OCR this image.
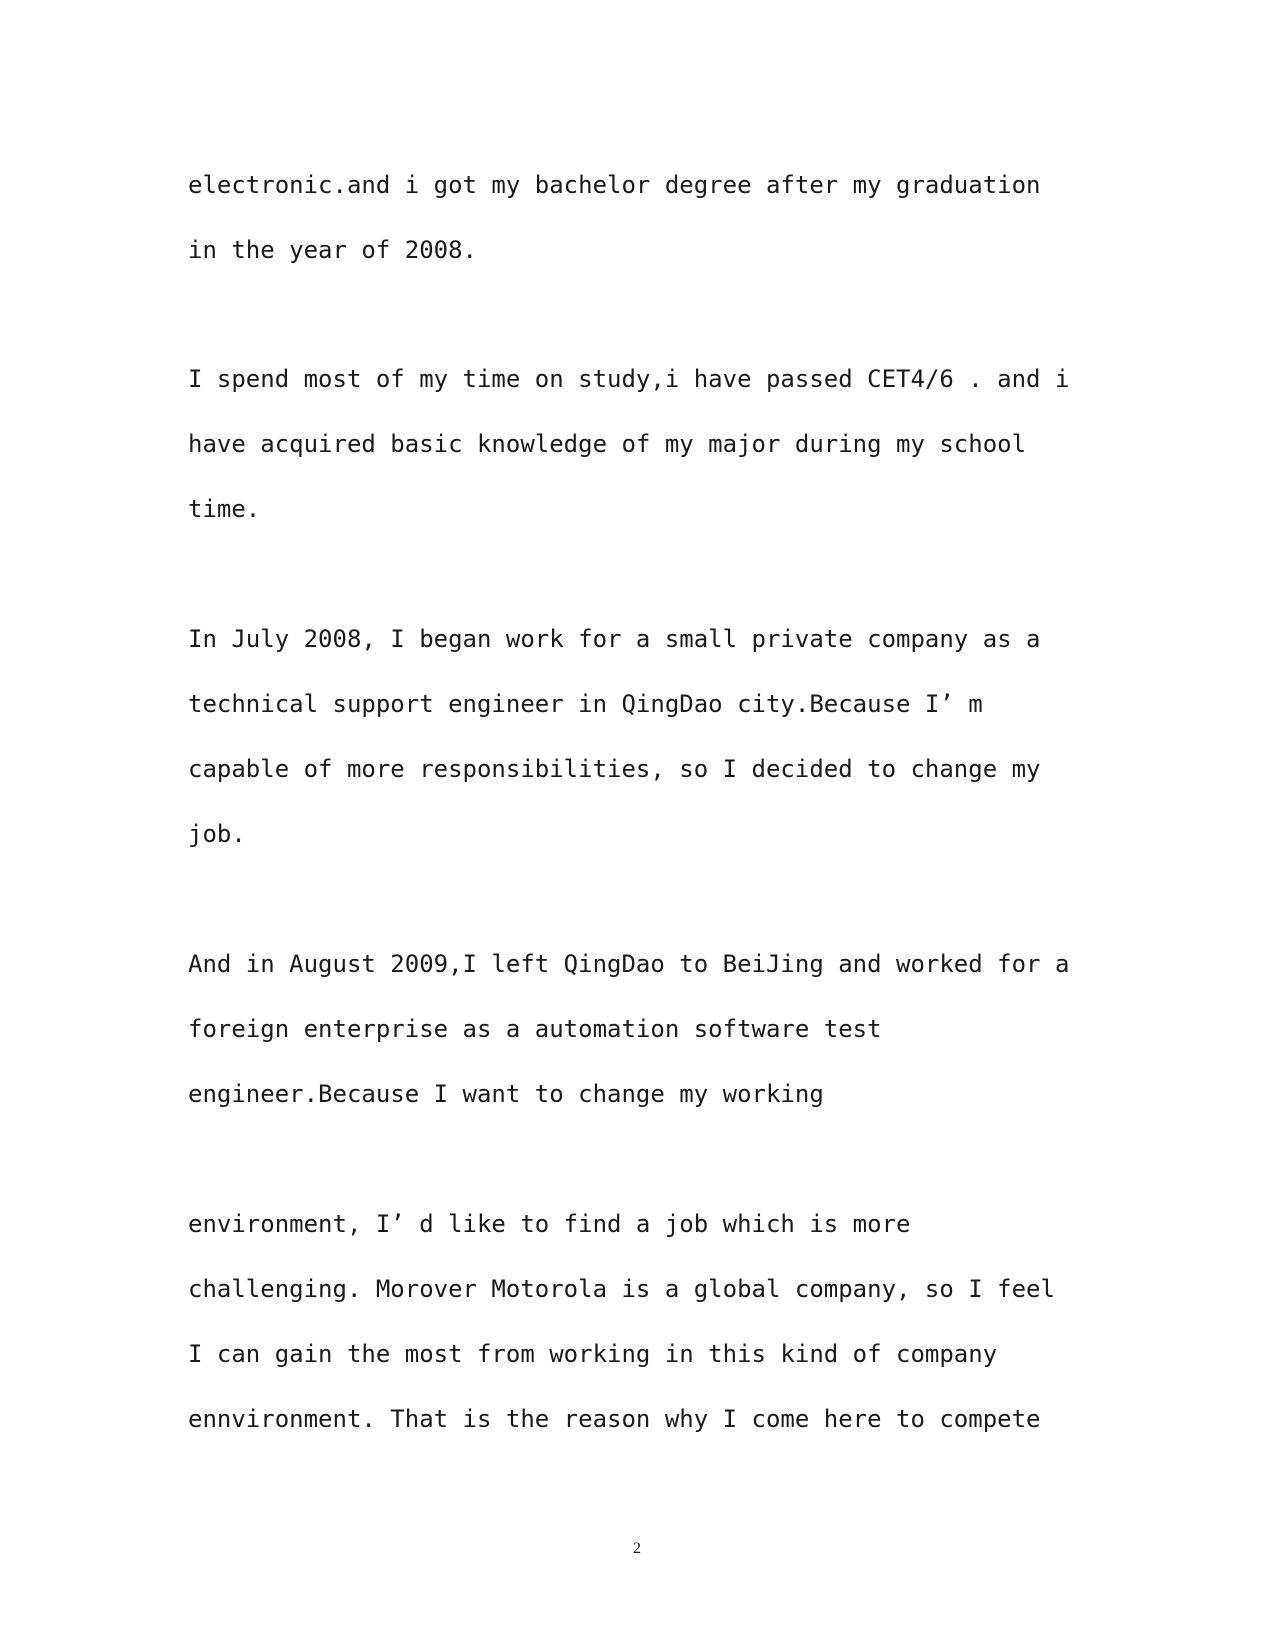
electronic.and i got my bachelor degree after my graduation
in the year of 2008.
I spend most of my time on study,i have passed CET4/6 . and i
have acquired basic knowledge of my major during my school
time.
In July 2008, I began work for a small private company as a
technical support engineer in QingDao city.Because I’ m
capable of more responsibilities, so I decided to change my
job.
And in August 2009,I left QingDao to BeiJing and worked for a
foreign enterprise as a automation software test
engineer.Because I want to change my working
environment, I’ d like to find a job which is more
challenging. Morover Motorola is a global company, so I feel
I can gain the most from working in this kind of company
ennvironment. That is the reason why I come here to compete
2
